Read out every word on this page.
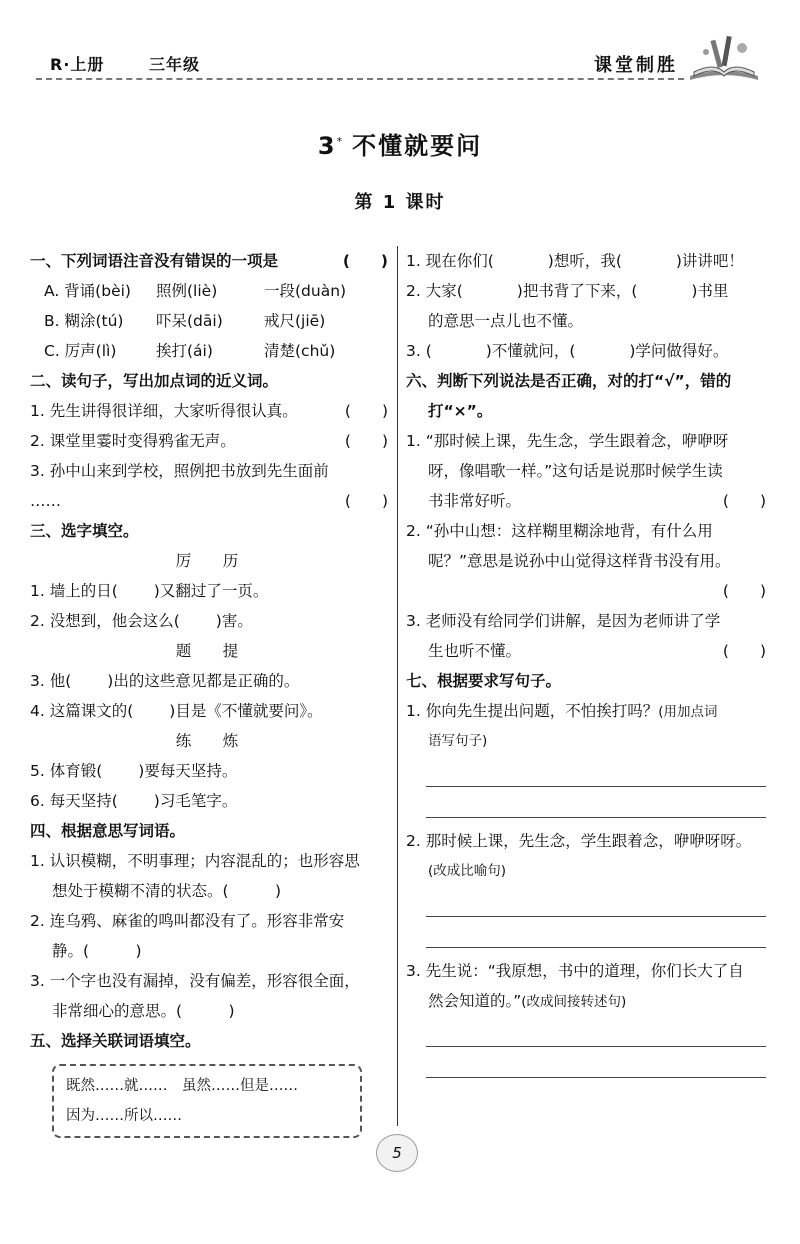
R·上册	三年级	课堂制胜
3* 不懂就要问
第 1 课时
一、下列词语注音没有错误的一项是	(　　)
A. 背诵(bèi) 照例(liè)	一段(duàn)
B. 糊涂(tú) 吓呆(dāi)	戒尺(jiē)
C. 厉声(lì)	挨打(ái)	清楚(chǔ)
二、读句子，写出加点词的近义词。
1. 先生讲得很详细，大家听得很认真。	(　　)
2. 课堂里霎时变得鸦雀无声。	(　　)
3. 孙中山来到学校，照例把书放到先生面前
……	(　　)
三、选字填空。
厉　历
1. 墙上的日( )又翻过了一页。
2. 没想到，他会这么( )害。
题　提
3. 他( )出的这些意见都是正确的。
4. 这篇课文的( )目是《不懂就要问》。
练　炼
5. 体育锻( )要每天坚持。
6. 每天坚持( )习毛笔字。
四、根据意思写词语。
1. 认识模糊，不明事理；内容混乱的；也形容思
想处于模糊不清的状态。(　　　)
2. 连乌鸦、麻雀的鸣叫都没有了。形容非常安
静。(　　　)
3. 一个字也没有漏掉，没有偏差，形容很全面，
非常细心的意思。(　　　)
五、选择关联词语填空。
既然……就……　虽然……但是……
因为……所以……
1. 现在你们(	)想听，我(	)讲讲吧！
2. 大家(	)把书背了下来，(	)书里
的意思一点儿也不懂。
3. (	)不懂就问，(	)学问做得好。
六、判断下列说法是否正确，对的打“√”，错的
打“×”。
1. “那时候上课，先生念，学生跟着念，咿咿呀
呀，像唱歌一样。”这句话是说那时候学生读
书非常好听。	(　　)
2. “孙中山想：这样糊里糊涂地背，有什么用
呢？”意思是说孙中山觉得这样背书没有用。
(　　)
3. 老师没有给同学们讲解，是因为老师讲了学
生也听不懂。	(　　)
七、根据要求写句子。
1. 你向先生提出问题，不怕挨打吗？(用加点词
语写句子)
2. 那时候上课，先生念，学生跟着念，咿咿呀呀。
(改成比喻句)
3. 先生说：“我原想，书中的道理，你们长大了自
然会知道的。”(改成间接转述句)
5
